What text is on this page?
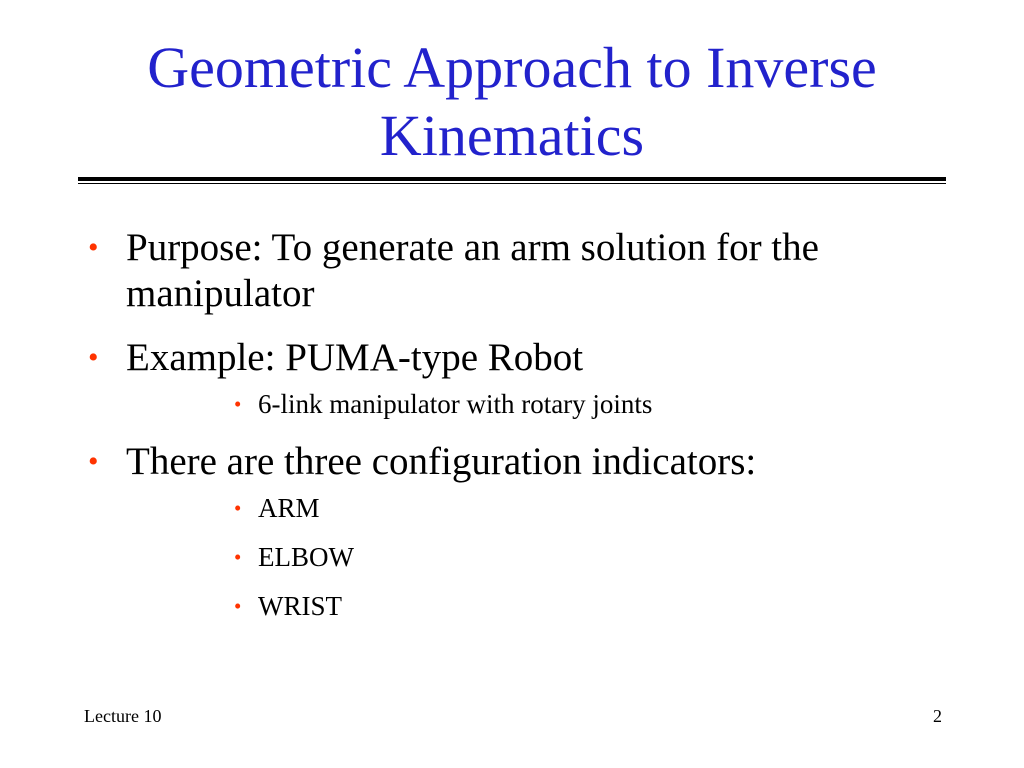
Geometric Approach to Inverse
Kinematics
• Purpose: To generate an arm solution for the manipulator
• Example: PUMA-type Robot
• 6-link manipulator with rotary joints
• There are three configuration indicators:
• ARM
• ELBOW
• WRIST
Lecture 10	2
